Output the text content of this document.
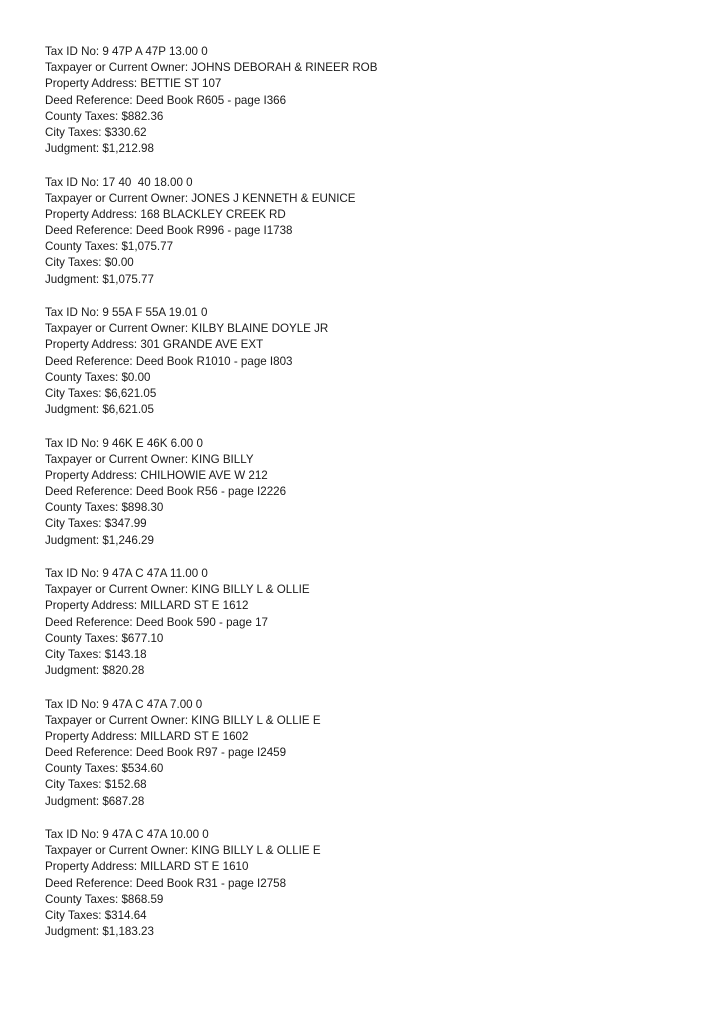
Tax ID No: 9 47P A 47P 13.00 0
Taxpayer or Current Owner: JOHNS DEBORAH & RINEER ROB
Property Address: BETTIE ST 107
Deed Reference: Deed Book R605 - page I366
County Taxes: $882.36
City Taxes: $330.62
Judgment: $1,212.98
Tax ID No: 17 40  40 18.00 0
Taxpayer or Current Owner: JONES J KENNETH & EUNICE
Property Address: 168 BLACKLEY CREEK RD
Deed Reference: Deed Book R996 - page I1738
County Taxes: $1,075.77
City Taxes: $0.00
Judgment: $1,075.77
Tax ID No: 9 55A F 55A 19.01 0
Taxpayer or Current Owner: KILBY BLAINE DOYLE JR
Property Address: 301 GRANDE AVE EXT
Deed Reference: Deed Book R1010 - page I803
County Taxes: $0.00
City Taxes: $6,621.05
Judgment: $6,621.05
Tax ID No: 9 46K E 46K 6.00 0
Taxpayer or Current Owner: KING BILLY
Property Address: CHILHOWIE AVE W 212
Deed Reference: Deed Book R56 - page I2226
County Taxes: $898.30
City Taxes: $347.99
Judgment: $1,246.29
Tax ID No: 9 47A C 47A 11.00 0
Taxpayer or Current Owner: KING BILLY L & OLLIE
Property Address: MILLARD ST E 1612
Deed Reference: Deed Book 590 - page 17
County Taxes: $677.10
City Taxes: $143.18
Judgment: $820.28
Tax ID No: 9 47A C 47A 7.00 0
Taxpayer or Current Owner: KING BILLY L & OLLIE E
Property Address: MILLARD ST E 1602
Deed Reference: Deed Book R97 - page I2459
County Taxes: $534.60
City Taxes: $152.68
Judgment: $687.28
Tax ID No: 9 47A C 47A 10.00 0
Taxpayer or Current Owner: KING BILLY L & OLLIE E
Property Address: MILLARD ST E 1610
Deed Reference: Deed Book R31 - page I2758
County Taxes: $868.59
City Taxes: $314.64
Judgment: $1,183.23
